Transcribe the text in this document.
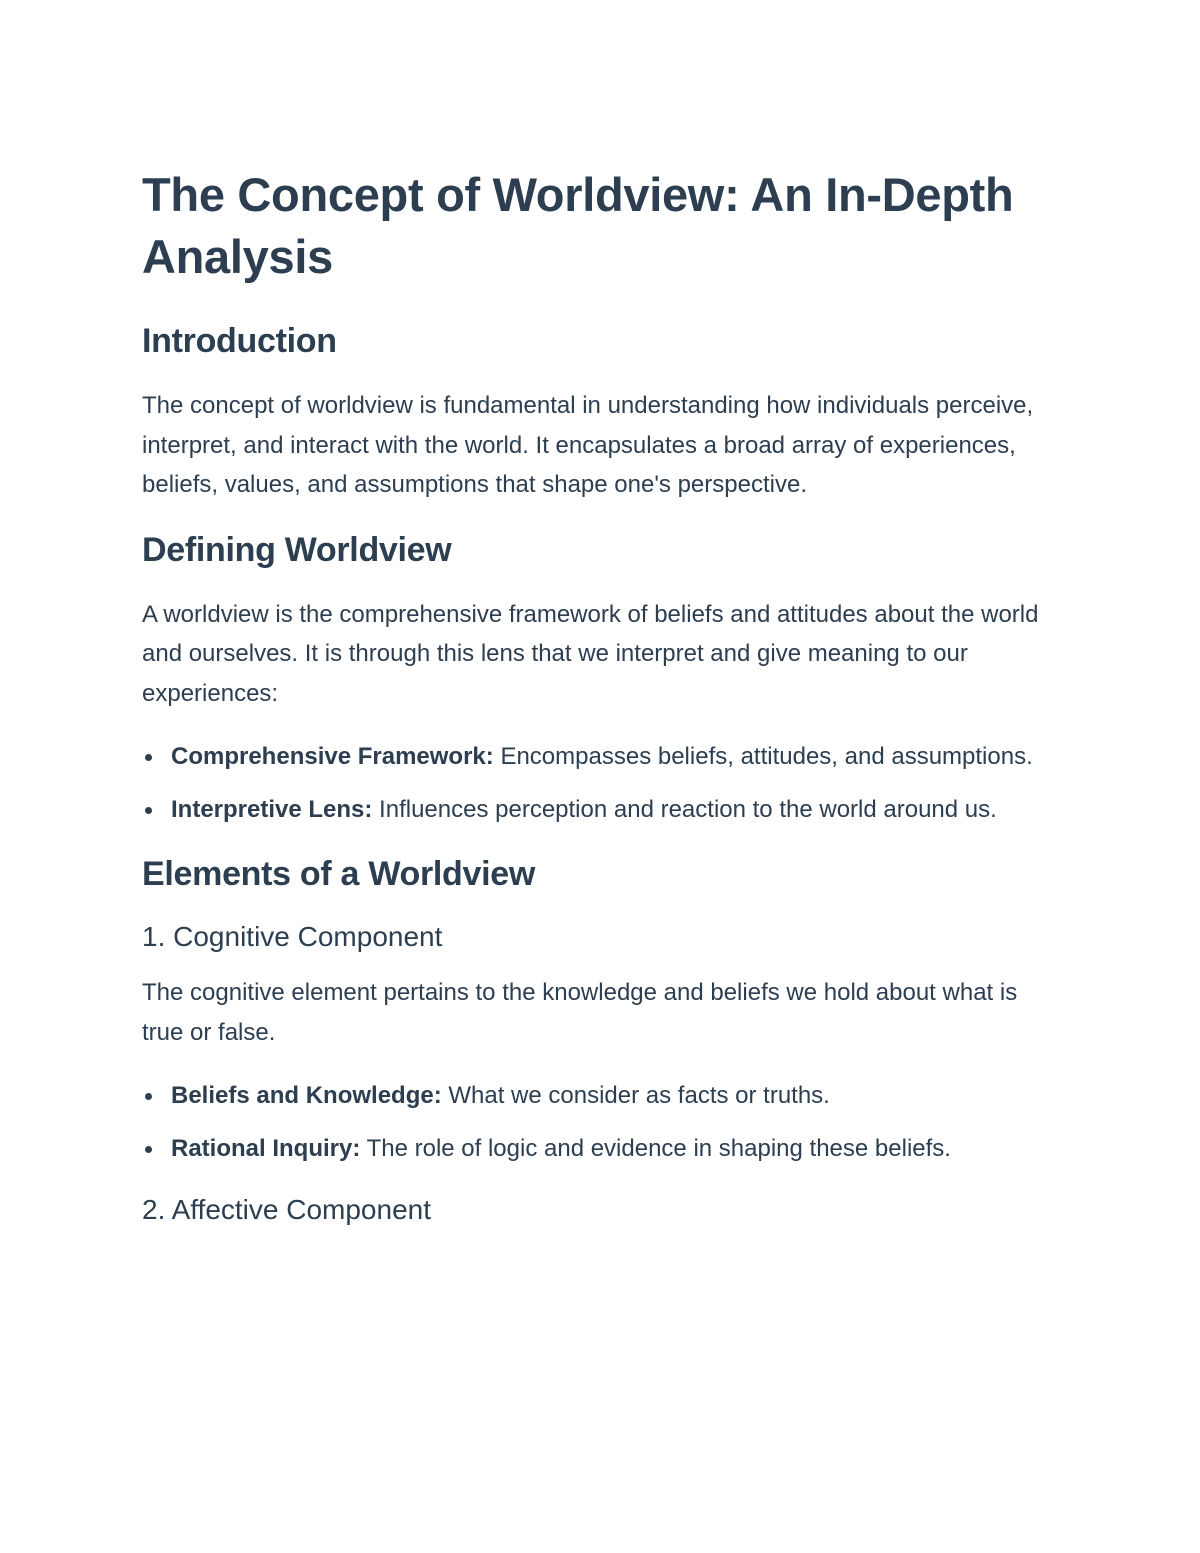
The Concept of Worldview: An In-Depth Analysis
Introduction

The concept of worldview is fundamental in understanding how individuals perceive, interpret, and interact with the world. It encapsulates a broad array of experiences, beliefs, values, and assumptions that shape one's perspective.

Defining Worldview

A worldview is the comprehensive framework of beliefs and attitudes about the world and ourselves. It is through this lens that we interpret and give meaning to our experiences:

Comprehensive Framework: Encompasses beliefs, attitudes, and assumptions.
Interpretive Lens: Influences perception and reaction to the world around us.
Elements of a Worldview
1. Cognitive Component

The cognitive element pertains to the knowledge and beliefs we hold about what is true or false.

Beliefs and Knowledge: What we consider as facts or truths.
Rational Inquiry: The role of logic and evidence in shaping these beliefs.
2. Affective Component
